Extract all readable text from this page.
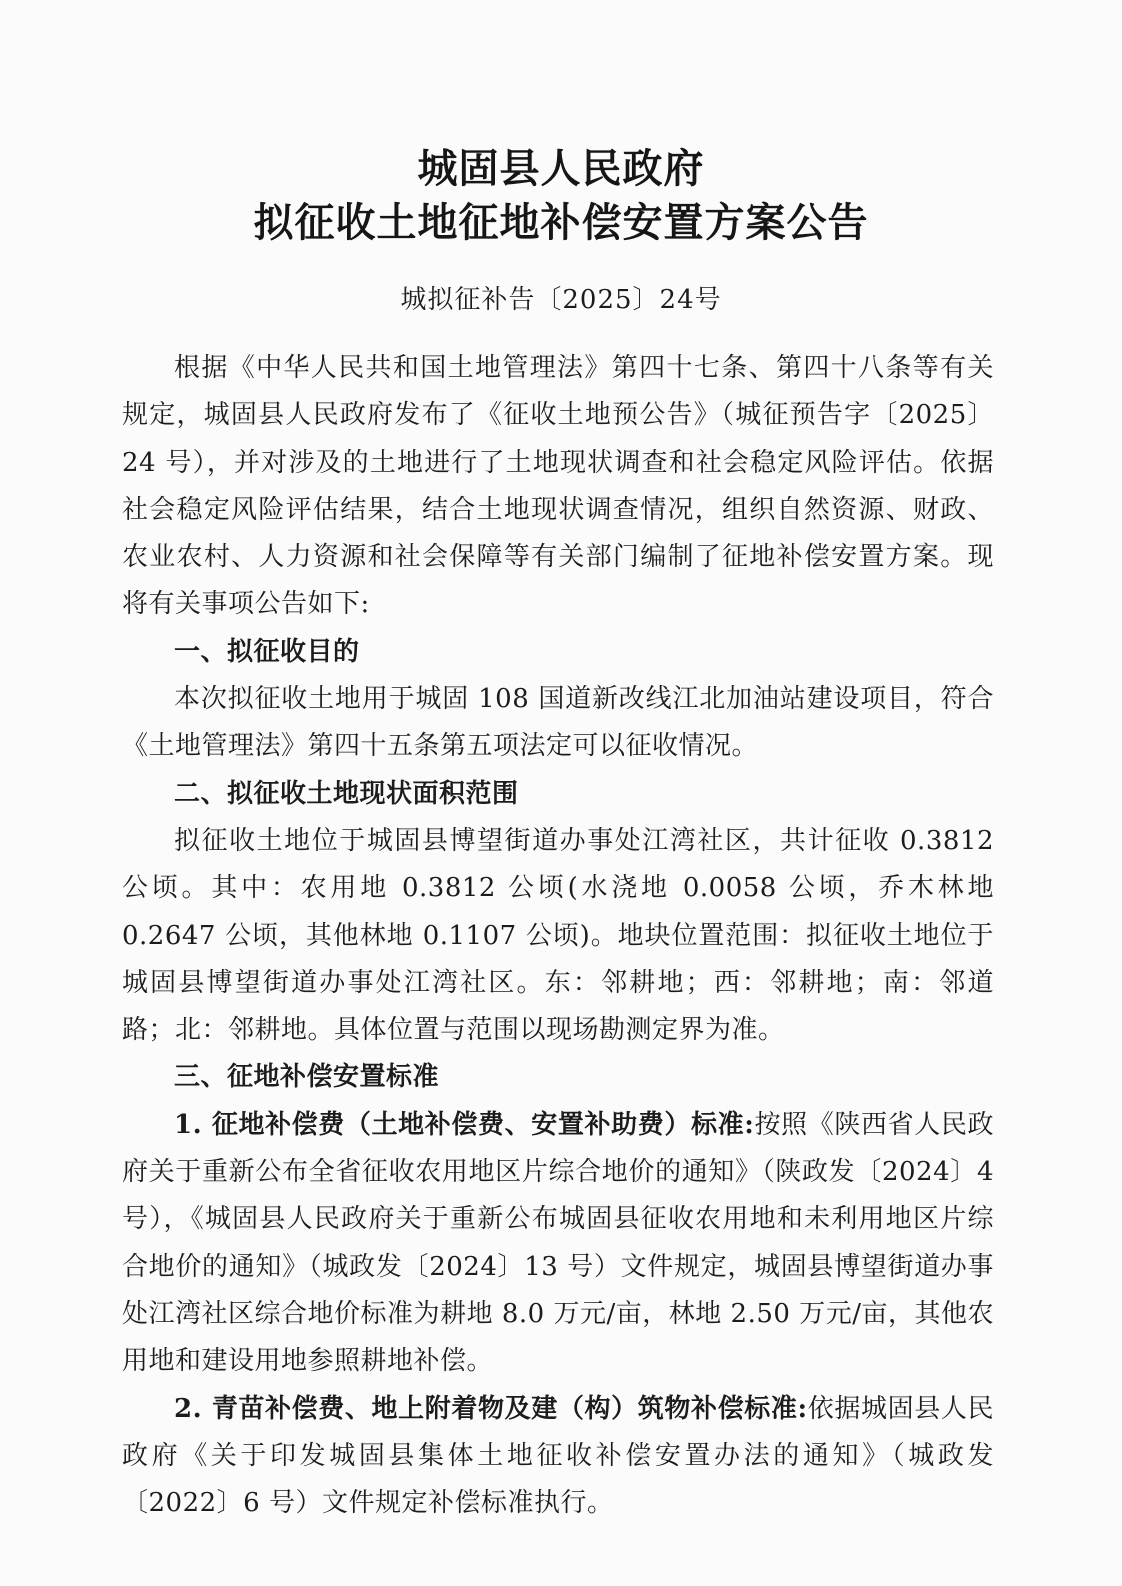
城固县人民政府
拟征收土地征地补偿安置方案公告
城拟征补告〔2025〕24号

根据《中华人民共和国土地管理法》第四十七条、第四十八条等有关规定，城固县人民政府发布了《征收土地预公告》（城征预告字〔2025〕24 号），并对涉及的土地进行了土地现状调查和社会稳定风险评估。依据社会稳定风险评估结果，结合土地现状调查情况，组织自然资源、财政、农业农村、人力资源和社会保障等有关部门编制了征地补偿安置方案。现将有关事项公告如下:

一、拟征收目的

本次拟征收土地用于城固 108 国道新改线江北加油站建设项目，符合《土地管理法》第四十五条第五项法定可以征收情况。

二、拟征收土地现状面积范围

拟征收土地位于城固县博望街道办事处江湾社区，共计征收 0.3812 公顷。其中：农用地 0.3812 公顷(水浇地 0.0058 公顷，乔木林地 0.2647 公顷，其他林地 0.1107 公顷)。地块位置范围：拟征收土地位于城固县博望街道办事处江湾社区。东：邻耕地；西：邻耕地；南：邻道路；北：邻耕地。具体位置与范围以现场勘测定界为准。

三、征地补偿安置标准

1. 征地补偿费（土地补偿费、安置补助费）标准:按照《陕西省人民政府关于重新公布全省征收农用地区片综合地价的通知》（陕政发〔2024〕4 号），《城固县人民政府关于重新公布城固县征收农用地和未利用地区片综合地价的通知》（城政发〔2024〕13 号）文件规定，城固县博望街道办事处江湾社区综合地价标准为耕地 8.0 万元/亩，林地 2.50 万元/亩，其他农用地和建设用地参照耕地补偿。

2. 青苗补偿费、地上附着物及建（构）筑物补偿标准:依据城固县人民政府《关于印发城固县集体土地征收补偿安置办法的通知》（城政发〔2022〕6 号）文件规定补偿标准执行。
